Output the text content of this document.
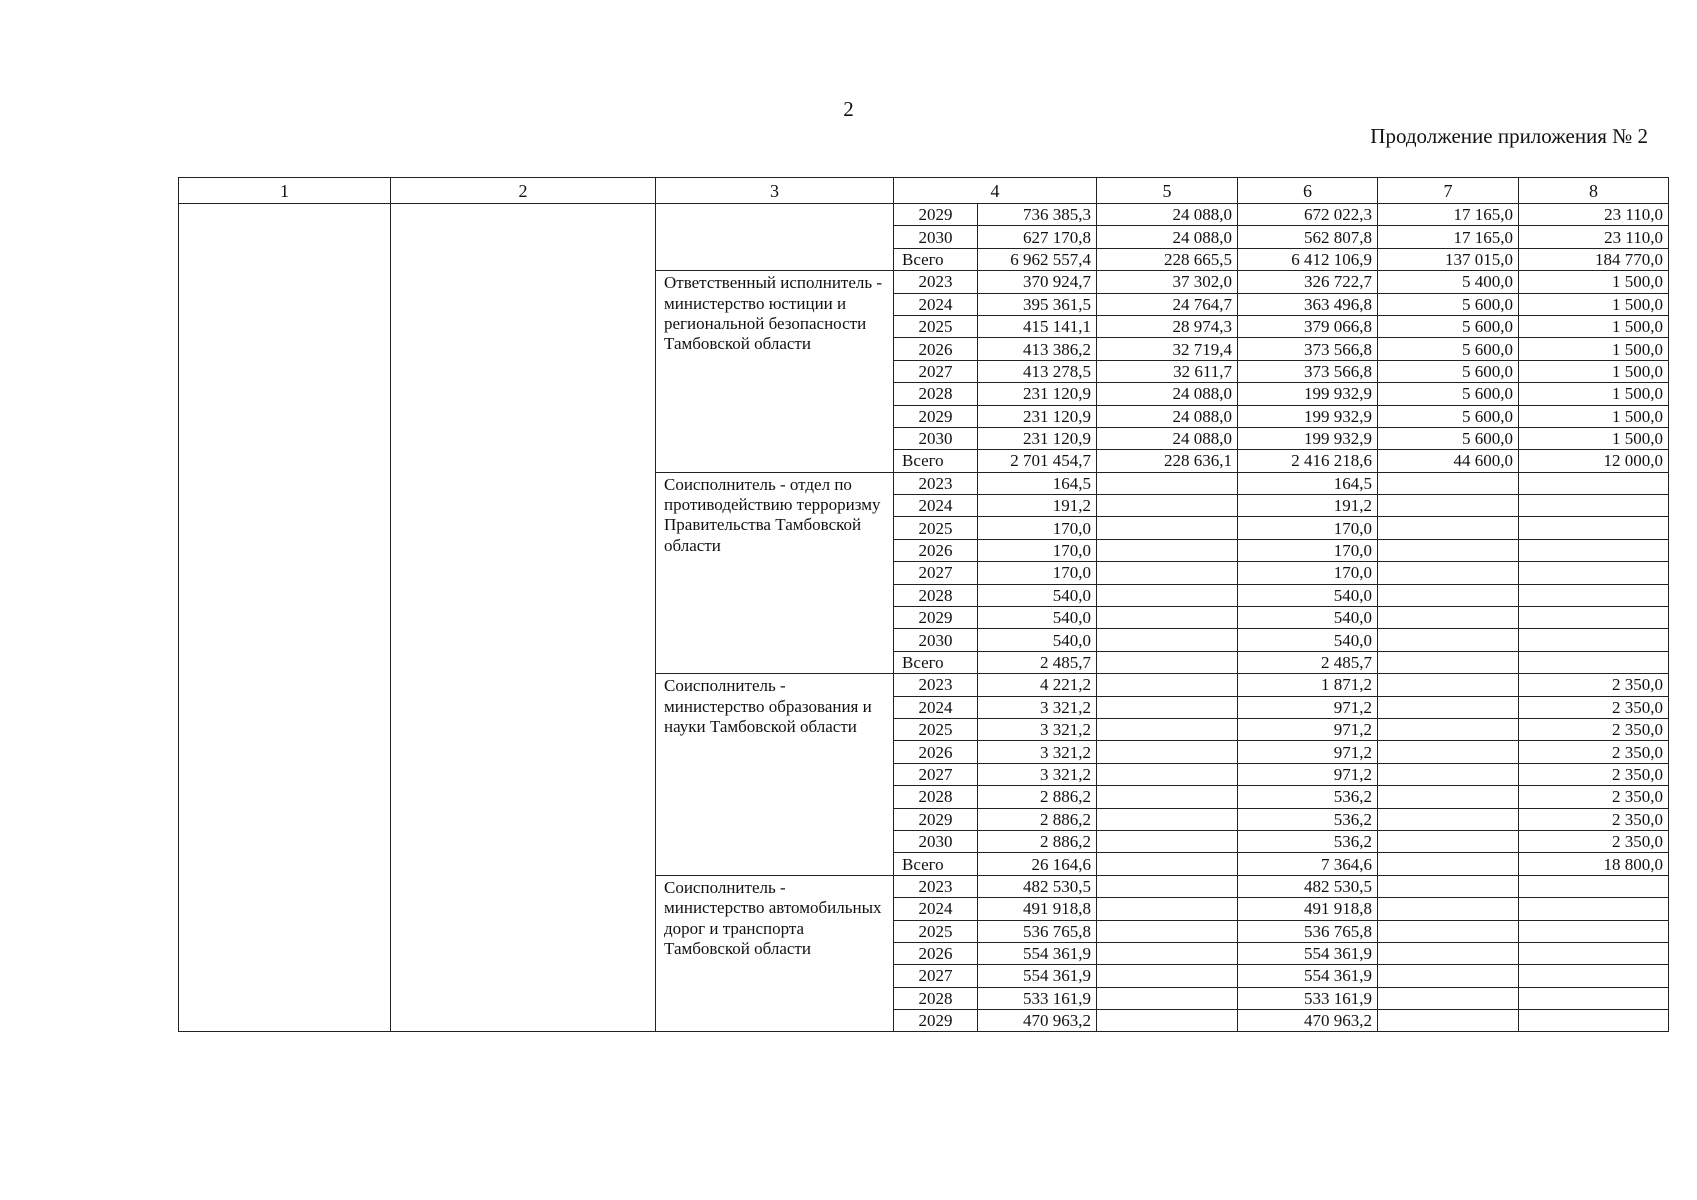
2
Продолжение приложения № 2
1	2	3	4		5	6	7	8
			2029	736 385,3	24 088,0	672 022,3	17 165,0	23 110,0
			2030	627 170,8	24 088,0	562 807,8	17 165,0	23 110,0
			Всего	6 962 557,4	228 665,5	6 412 106,9	137 015,0	184 770,0
		Ответственный исполнитель - министерство юстиции и региональной безопасности Тамбовской области	2023	370 924,7	37 302,0	326 722,7	5 400,0	1 500,0
			2024	395 361,5	24 764,7	363 496,8	5 600,0	1 500,0
			2025	415 141,1	28 974,3	379 066,8	5 600,0	1 500,0
			2026	413 386,2	32 719,4	373 566,8	5 600,0	1 500,0
			2027	413 278,5	32 611,7	373 566,8	5 600,0	1 500,0
			2028	231 120,9	24 088,0	199 932,9	5 600,0	1 500,0
			2029	231 120,9	24 088,0	199 932,9	5 600,0	1 500,0
			2030	231 120,9	24 088,0	199 932,9	5 600,0	1 500,0
			Всего	2 701 454,7	228 636,1	2 416 218,6	44 600,0	12 000,0
		Соисполнитель - отдел по противодействию терроризму Правительства Тамбовской области	2023	164,5		164,5		
			2024	191,2		191,2		
			2025	170,0		170,0		
			2026	170,0		170,0		
			2027	170,0		170,0		
			2028	540,0		540,0		
			2029	540,0		540,0		
			2030	540,0		540,0		
			Всего	2 485,7		2 485,7		
		Соисполнитель - министерство образования и науки Тамбовской области	2023	4 221,2		1 871,2		2 350,0
			2024	3 321,2		971,2		2 350,0
			2025	3 321,2		971,2		2 350,0
			2026	3 321,2		971,2		2 350,0
			2027	3 321,2		971,2		2 350,0
			2028	2 886,2		536,2		2 350,0
			2029	2 886,2		536,2		2 350,0
			2030	2 886,2		536,2		2 350,0
			Всего	26 164,6		7 364,6		18 800,0
		Соисполнитель - министерство автомобильных дорог и транспорта Тамбовской области	2023	482 530,5		482 530,5		
			2024	491 918,8		491 918,8		
			2025	536 765,8		536 765,8		
			2026	554 361,9		554 361,9		
			2027	554 361,9		554 361,9		
			2028	533 161,9		533 161,9		
			2029	470 963,2		470 963,2		
